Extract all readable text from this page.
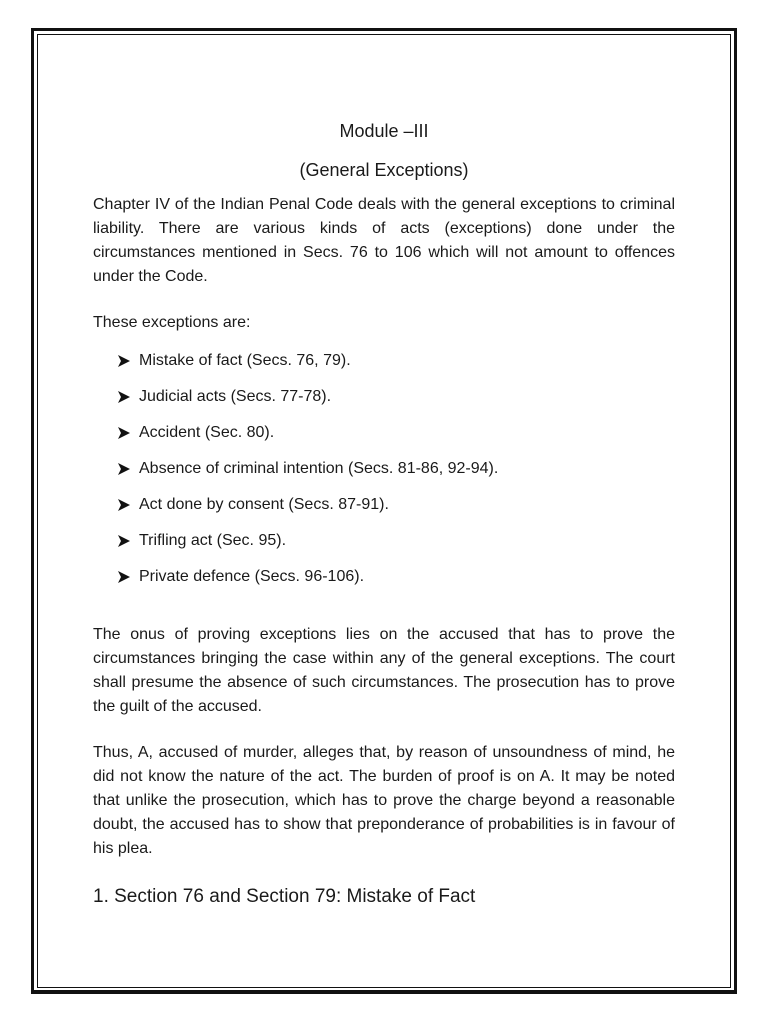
Module –III
(General Exceptions)

Chapter IV of the Indian Penal Code deals with the general exceptions to criminal liability. There are various kinds of acts (exceptions) done under the circumstances mentioned in Secs. 76 to 106 which will not amount to offences under the Code.

These exceptions are:

Mistake of fact (Secs. 76, 79).
Judicial acts (Secs. 77-78).
Accident (Sec. 80).
Absence of criminal intention (Secs. 81-86, 92-94).
Act done by consent (Secs. 87-91).
Trifling act (Sec. 95).
Private defence (Secs. 96-106).

The onus of proving exceptions lies on the accused that has to prove the circumstances bringing the case within any of the general exceptions. The court shall presume the absence of such circumstances. The prosecution has to prove the guilt of the accused.

Thus, A, accused of murder, alleges that, by reason of unsoundness of mind, he did not know the nature of the act. The burden of proof is on A. It may be noted that unlike the prosecution, which has to prove the charge beyond a reasonable doubt, the accused has to show that preponderance of probabilities is in favour of his plea.

1. Section 76 and Section 79: Mistake of Fact
